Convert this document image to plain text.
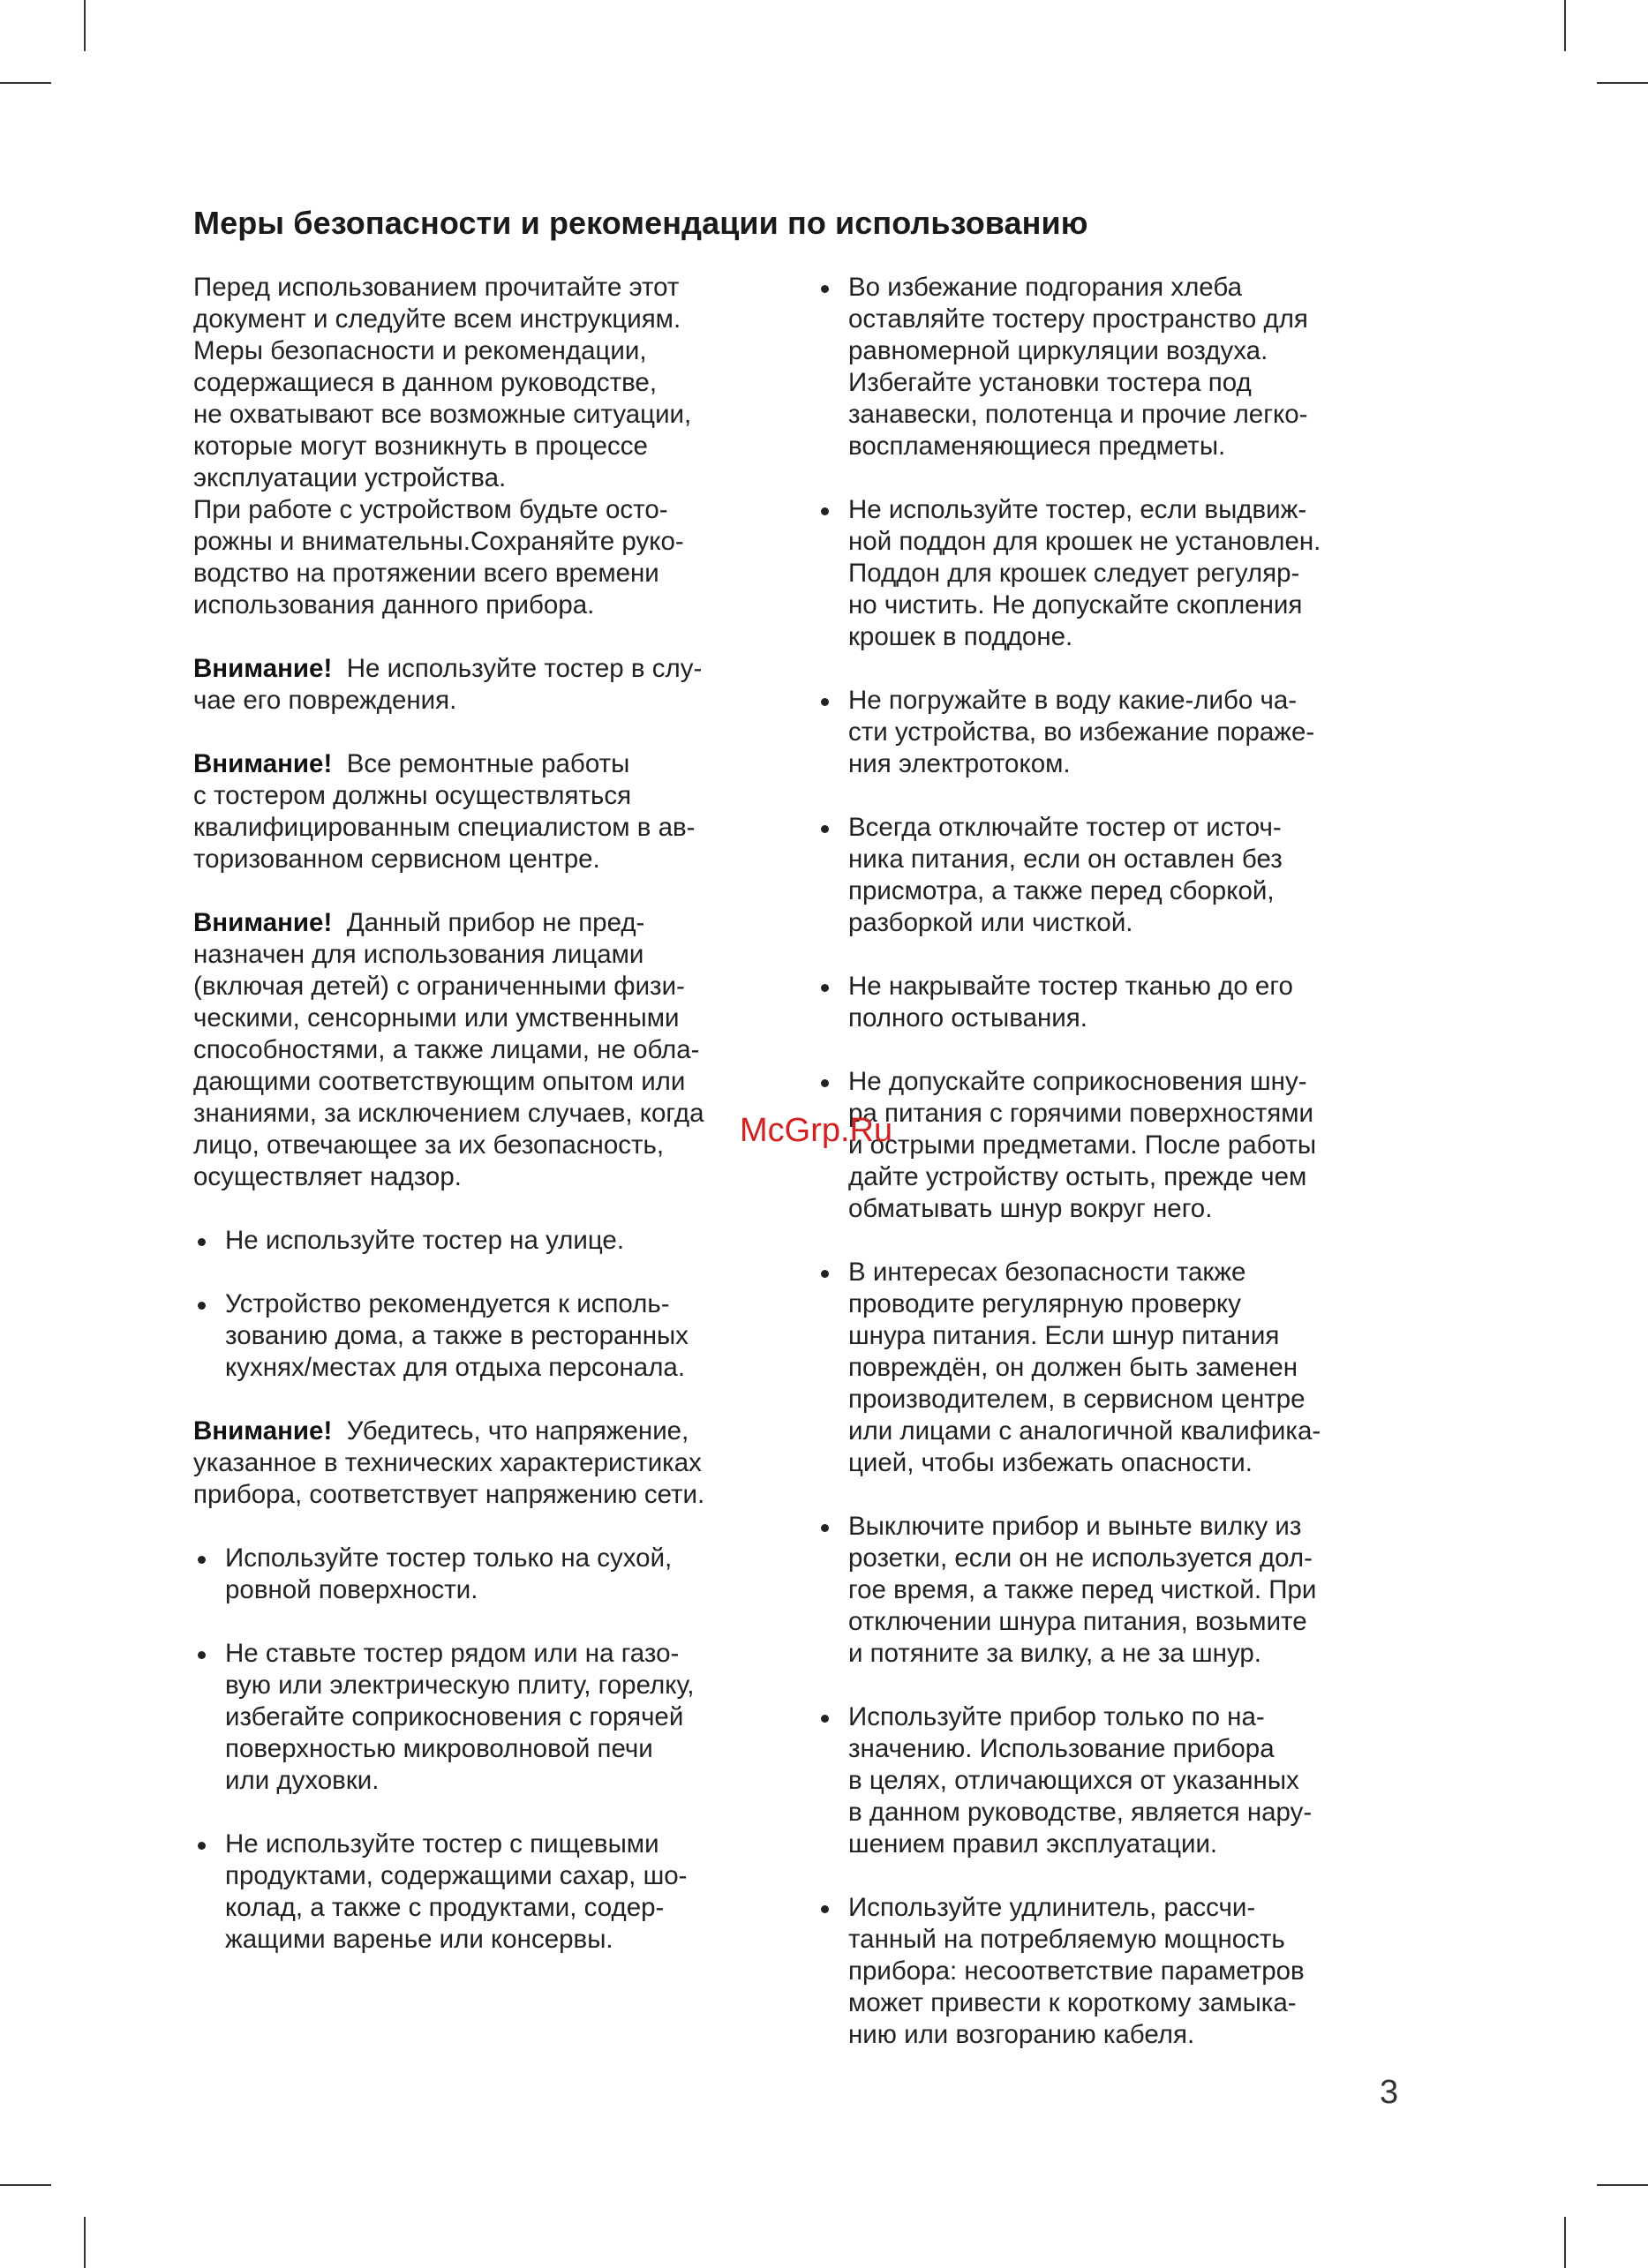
Меры безопасности и рекомендации по использованию

Перед использованием прочитайте этот
документ и следуйте всем инструкциям.
Меры безопасности и рекомендации,
содержащиеся в данном руководстве,
не охватывают все возможные ситуации,
которые могут возникнуть в процессе
эксплуатации устройства.
При работе с устройством будьте осто-
рожны и внимательны.Сохраняйте руко-
водство на протяжении всего времени
использования данного прибора.

Внимание! Не используйте тостер в слу-
чае его повреждения.

Внимание! Все ремонтные работы
с тостером должны осуществляться
квалифицированным специалистом в ав-
торизованном сервисном центре.

Внимание! Данный прибор не пред-
назначен для использования лицами
(включая детей) с ограниченными физи-
ческими, сенсорными или умственными
способностями, а также лицами, не обла-
дающими соответствующим опытом или
знаниями, за исключением случаев, когда
лицо, отвечающее за их безопасность,
осуществляет надзор.

Не используйте тостер на улице.
Устройство рекомендуется к исполь-
зованию дома, а также в ресторанных
кухнях/местах для отдыха персонала.

Внимание! Убедитесь, что напряжение,
указанное в технических характеристиках
прибора, соответствует напряжению сети.

Используйте тостер только на сухой,
ровной поверхности.
Не ставьте тостер рядом или на газо-
вую или электрическую плиту, горелку,
избегайте соприкосновения с горячей
поверхностью микроволновой печи
или духовки.
Не используйте тостер с пищевыми
продуктами, содержащими сахар, шо-
колад, а также с продуктами, содер-
жащими варенье или консервы.
Во избежание подгорания хлеба
оставляйте тостеру пространство для
равномерной циркуляции воздуха.
Избегайте установки тостера под
занавески, полотенца и прочие легко-
воспламеняющиеся предметы.
Не используйте тостер, если выдвиж-
ной поддон для крошек не установлен.
Поддон для крошек следует регуляр-
но чистить. Не допускайте скопления
крошек в поддоне.
Не погружайте в воду какие-либо ча-
сти устройства, во избежание пораже-
ния электротоком.
Всегда отключайте тостер от источ-
ника питания, если он оставлен без
присмотра, а также перед сборкой,
разборкой или чисткой.
Не накрывайте тостер тканью до его
полного остывания.
Не допускайте соприкосновения шну-
ра питания с горячими поверхностями
и острыми предметами. После работы
дайте устройству остыть, прежде чем
обматывать шнур вокруг него.
В интересах безопасности также
проводите регулярную проверку
шнура питания. Если шнур питания
повреждён, он должен быть заменен
производителем, в сервисном центре
или лицами с аналогичной квалифика-
цией, чтобы избежать опасности.
Выключите прибор и выньте вилку из
розетки, если он не используется дол-
гое время, а также перед чисткой. При
отключении шнура питания, возьмите
и потяните за вилку, а не за шнур.
Используйте прибор только по на-
значению. Использование прибора
в целях, отличающихся от указанных
в данном руководстве, является нару-
шением правил эксплуатации.
Используйте удлинитель, рассчи-
танный на потребляемую мощность
прибора: несоответствие параметров
может привести к короткому замыка-
нию или возгоранию кабеля.
McGrp.Ru
3
